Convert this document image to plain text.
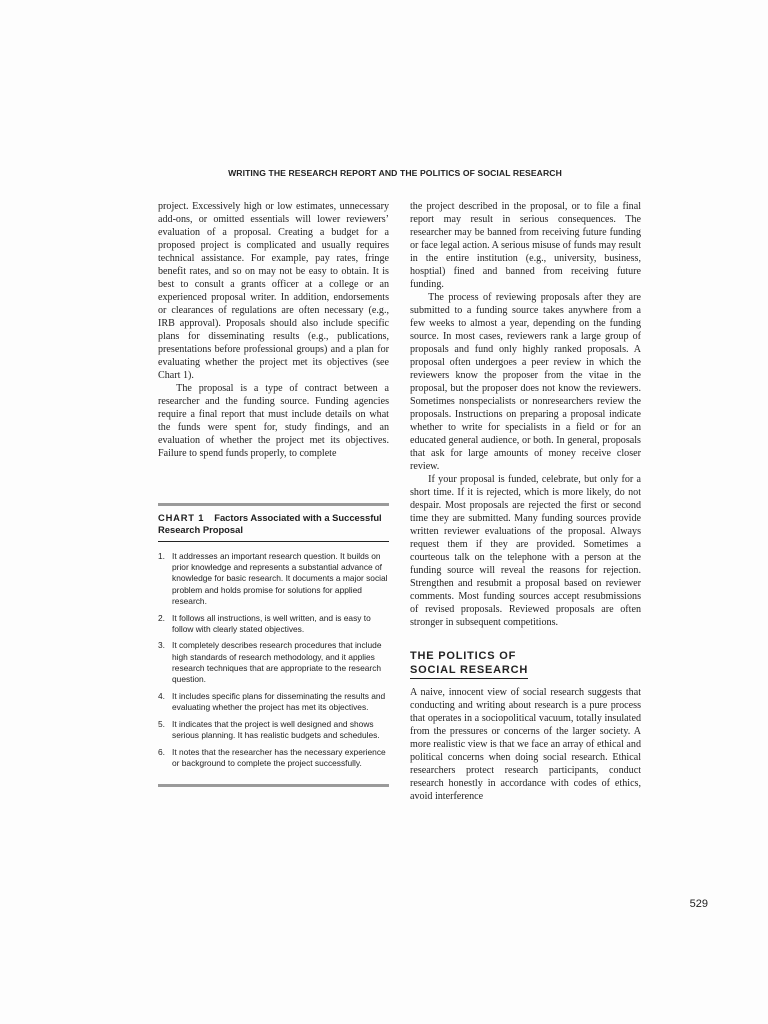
WRITING THE RESEARCH REPORT AND THE POLITICS OF SOCIAL RESEARCH

project. Excessively high or low estimates, unnecessary add-ons, or omitted essentials will lower reviewers’ evaluation of a proposal. Creating a budget for a proposed project is complicated and usually requires technical assistance. For example, pay rates, fringe benefit rates, and so on may not be easy to obtain. It is best to consult a grants officer at a college or an experienced proposal writer. In addition, endorsements or clearances of regulations are often necessary (e.g., IRB approval). Proposals should also include specific plans for disseminating results (e.g., publications, presentations before professional groups) and a plan for evaluating whether the project met its objectives (see Chart 1).

The proposal is a type of contract between a researcher and the funding source. Funding agencies require a final report that must include details on what the funds were spent for, study findings, and an evaluation of whether the project met its objectives. Failure to spend funds properly, to complete

CHART 1 Factors Associated with a Successful Research Proposal
1. It addresses an important research question. It builds on prior knowledge and represents a substantial advance of knowledge for basic research. It documents a major social problem and holds promise for solutions for applied research.
2. It follows all instructions, is well written, and is easy to follow with clearly stated objectives.
3. It completely describes research procedures that include high standards of research methodology, and it applies research techniques that are appropriate to the research question.
4. It includes specific plans for disseminating the results and evaluating whether the project has met its objectives.
5. It indicates that the project is well designed and shows serious planning. It has realistic budgets and schedules.
6. It notes that the researcher has the necessary experience or background to complete the project successfully.

the project described in the proposal, or to file a final report may result in serious consequences. The researcher may be banned from receiving future funding or face legal action. A serious misuse of funds may result in the entire institution (e.g., university, business, hosptial) fined and banned from receiving future funding.

The process of reviewing proposals after they are submitted to a funding source takes anywhere from a few weeks to almost a year, depending on the funding source. In most cases, reviewers rank a large group of proposals and fund only highly ranked proposals. A proposal often undergoes a peer review in which the reviewers know the proposer from the vitae in the proposal, but the proposer does not know the reviewers. Sometimes nonspecialists or nonresearchers review the proposals. Instructions on preparing a proposal indicate whether to write for specialists in a field or for an educated general audience, or both. In general, proposals that ask for large amounts of money receive closer review.

If your proposal is funded, celebrate, but only for a short time. If it is rejected, which is more likely, do not despair. Most proposals are rejected the first or second time they are submitted. Many funding sources provide written reviewer evaluations of the proposal. Always request them if they are provided. Sometimes a courteous talk on the telephone with a person at the funding source will reveal the reasons for rejection. Strengthen and resubmit a proposal based on reviewer comments. Most funding sources accept resubmissions of revised proposals. Reviewed proposals are often stronger in subsequent competitions.

THE POLITICS OF
SOCIAL RESEARCH

A naive, innocent view of social research suggests that conducting and writing about research is a pure process that operates in a sociopolitical vacuum, totally insulated from the pressures or concerns of the larger society. A more realistic view is that we face an array of ethical and political concerns when doing social research. Ethical researchers protect research participants, conduct research honestly in accordance with codes of ethics, avoid interference

529
